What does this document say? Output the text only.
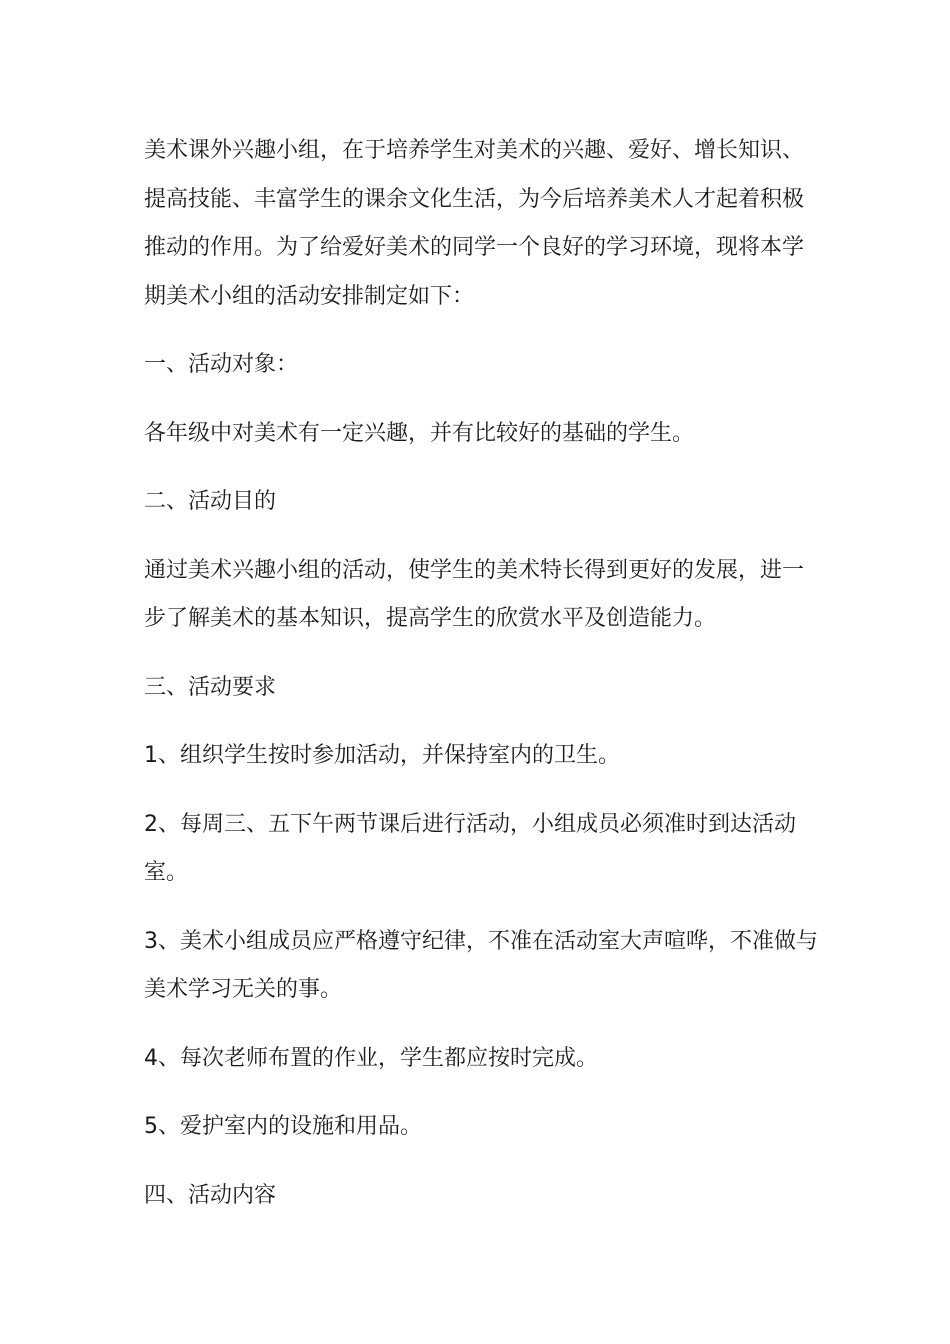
美术课外兴趣小组，在于培养学生对美术的兴趣、爱好、增长知识、提高技能、丰富学生的课余文化生活，为今后培养美术人才起着积极推动的作用。为了给爱好美术的同学一个良好的学习环境，现将本学期美术小组的活动安排制定如下：

一、活动对象：

各年级中对美术有一定兴趣，并有比较好的基础的学生。

二、活动目的

通过美术兴趣小组的活动，使学生的美术特长得到更好的发展，进一步了解美术的基本知识，提高学生的欣赏水平及创造能力。

三、活动要求

1、组织学生按时参加活动，并保持室内的卫生。

2、每周三、五下午两节课后进行活动，小组成员必须准时到达活动室。

3、美术小组成员应严格遵守纪律，不准在活动室大声喧哗，不准做与美术学习无关的事。

4、每次老师布置的作业，学生都应按时完成。

5、爱护室内的设施和用品。

四、活动内容
